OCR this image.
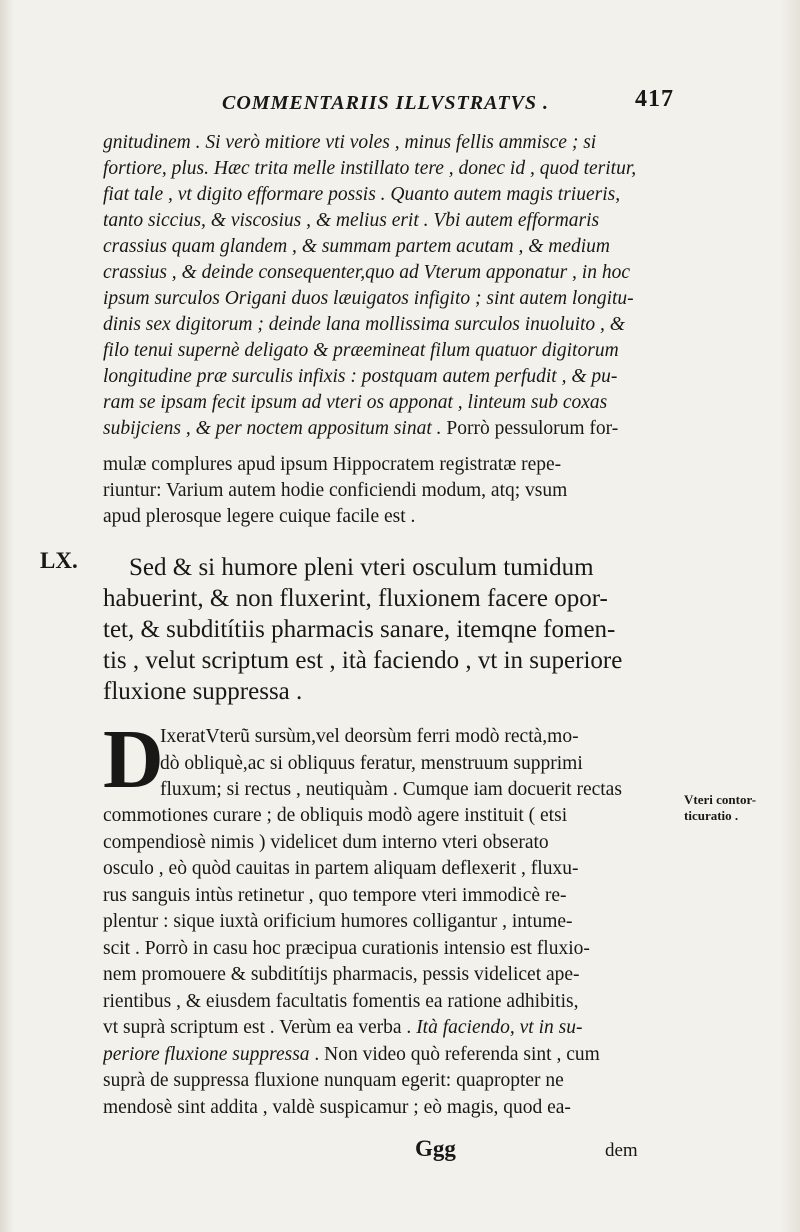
COMMENTARIIS ILLVSTRATVS .	417
gnitudinem . Si verò mitiore vti voles , minus fellis ammisce ; si
fortiore, plus. Hæc trita melle instillato tere , donec id , quod teritur,
fiat tale , vt digito efformare possis . Quanto autem magis triueris,
tanto siccius, & viscosius , & melius erit . Vbi autem efformaris
crassius quam glandem , & summam partem acutam , & medium
crassius , & deinde consequenter,quo ad Vterum apponatur , in hoc
ipsum surculos Origani duos læuigatos infigito ; sint autem longitu-
dinis sex digitorum ; deinde lana mollissima surculos inuoluito , &
filo tenui supernè deligato & præemineat filum quatuor digitorum
longitudine præ surculis infixis : postquam autem perfudit , & pu-
ram se ipsam fecit ipsum ad vteri os apponat , linteum sub coxas
subijciens , & per noctem appositum sinat . Porrò pessulorum for-
mulæ complures apud ipsum Hippocratem registratæ repe-
riuntur: Varium autem hodie conficiendi modum, atq; vsum
apud plerosque legere cuique facile est .
LX.	Sed & si humore pleni vteri osculum tumidum
habuerint, & non fluxerint, fluxionem facere opor-
tet, & subditítiis pharmacis sanare, itemqne fomen-
tis , velut scriptum est , ità faciendo , vt in superiore
fluxione suppressa .
D
IxeratVterũ sursùm,vel deorsùm ferri modò rectà,mo-
dò obliquè,ac si obliquus feratur, menstruum supprimi
fluxum; si rectus , neutiquàm . Cumque iam docuerit rectas
commotiones curare ; de obliquis modò agere instituit ( etsi
compendiosè nimis ) videlicet dum interno vteri obserato
osculo , eò quòd cauitas in partem aliquam deflexerit , fluxu-
rus sanguis intùs retinetur , quo tempore vteri immodicè re-
plentur : sique iuxtà orificium humores colligantur , intume-
scit . Porrò in casu hoc præcipua curationis intensio est fluxio-
nem promouere & subditítijs pharmacis, pessis videlicet ape-
rientibus , & eiusdem facultatis fomentis ea ratione adhibitis,
vt suprà scriptum est . Verùm ea verba . Ità faciendo, vt in su-
periore fluxione suppressa . Non video quò referenda sint , cum
suprà de suppressa fluxione nunquam egerit: quapropter ne
mendosè sint addita , valdè suspicamur ; eò magis, quod ea-
Vteri contor-
ticuratio .
Ggg	dem
